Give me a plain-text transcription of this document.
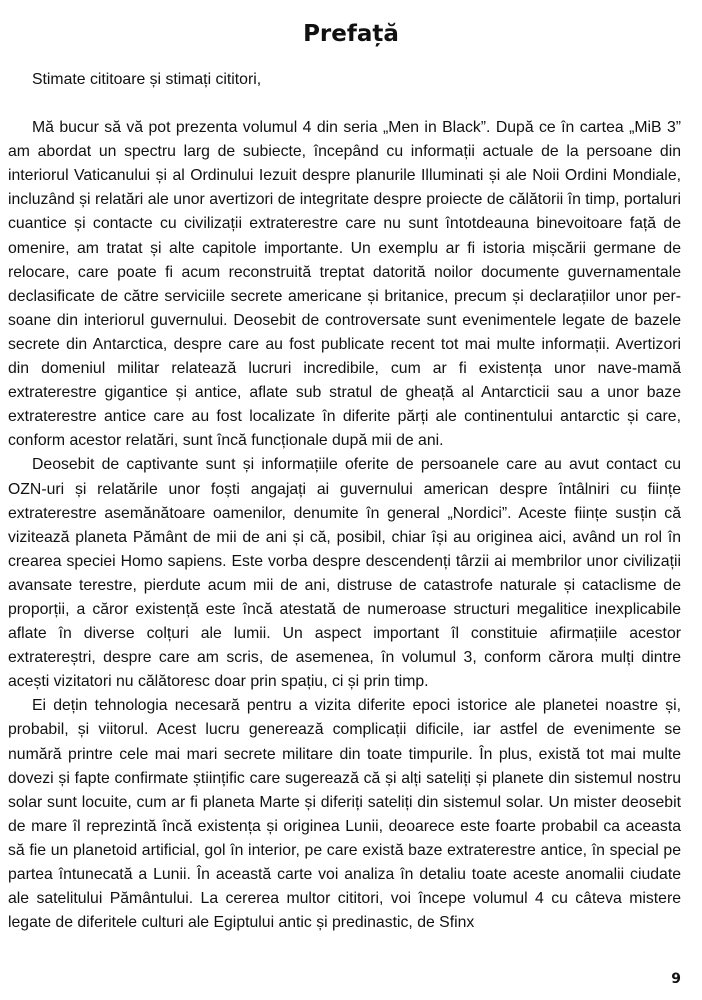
Prefață

Stimate cititoare și stimați cititori,

Mă bucur să vă pot prezenta volumul 4 din seria „Men in Black”. După ce în cartea „MiB 3” am abordat un spectru larg de subiecte, începând cu informații actuale de la persoane din interiorul Vaticanului și al Ordinului Iezuit despre planurile Illuminati și ale Noii Ordini Mondiale, incluzând și relatări ale unor avertizori de integritate despre proiecte de călătorii în timp, portaluri cuantice și contacte cu civilizații extraterestre care nu sunt întotdeauna binevoitoare față de omenire, am tratat și alte capitole importante. Un exemplu ar fi istoria mișcării germane de relocare, care poate fi acum reconstruită treptat datorită noilor documente guvernamentale declasificate de către serviciile secrete americane și britanice, precum și declarațiilor unor persoane din interiorul guvernului. Deosebit de controversate sunt evenimentele legate de bazele secrete din Antarctica, despre care au fost publicate recent tot mai multe informații. Avertizori din domeniul militar relatează lucruri incredibile, cum ar fi existența unor nave-mamă extraterestre gigantice și antice, aflate sub stratul de gheață al Antarcticii sau a unor baze extraterestre antice care au fost localizate în diferite părți ale continentului antarctic și care, conform acestor relatări, sunt încă funcționale după mii de ani.

Deosebit de captivante sunt și informațiile oferite de persoanele care au avut contact cu OZN-uri și relatările unor foști angajați ai guvernului american despre întâlniri cu ființe extraterestre asemănătoare oamenilor, denumite în general „Nordici”. Aceste ființe susțin că vizitează planeta Pământ de mii de ani și că, posibil, chiar își au originea aici, având un rol în crearea speciei Homo sapiens. Este vorba despre descendenți târzii ai membrilor unor civilizații avansate terestre, pierdute acum mii de ani, distruse de catastrofe naturale și cataclisme de proporții, a căror existență este încă atestată de numeroase structuri megalitice inexplicabile aflate în diverse colțuri ale lumii. Un aspect important îl constituie afirmațiile acestor extratereștri, despre care am scris, de asemenea, în volumul 3, conform cărora mulți dintre acești vizitatori nu călătoresc doar prin spațiu, ci și prin timp.

Ei dețin tehnologia necesară pentru a vizita diferite epoci istorice ale planetei noastre și, probabil, și viitorul. Acest lucru generează complicații dificile, iar astfel de evenimente se numără printre cele mai mari secrete militare din toate timpurile. În plus, există tot mai multe dovezi și fapte confirmate științific care sugerează că și alți sateliți și planete din sistemul nostru solar sunt locuite, cum ar fi planeta Marte și diferiți sateliți din sistemul solar. Un mister deosebit de mare îl reprezintă încă existența și originea Lunii, deoarece este foarte probabil ca aceasta să fie un planetoid artificial, gol în interior, pe care există baze extraterestre antice, în special pe partea întunecată a Lunii. În această carte voi analiza în detaliu toate aceste anomalii ciudate ale satelitului Pământului. La cererea multor cititori, voi începe volumul 4 cu câteva mistere legate de diferitele culturi ale Egiptului antic și predinastic, de Sfinx

9
